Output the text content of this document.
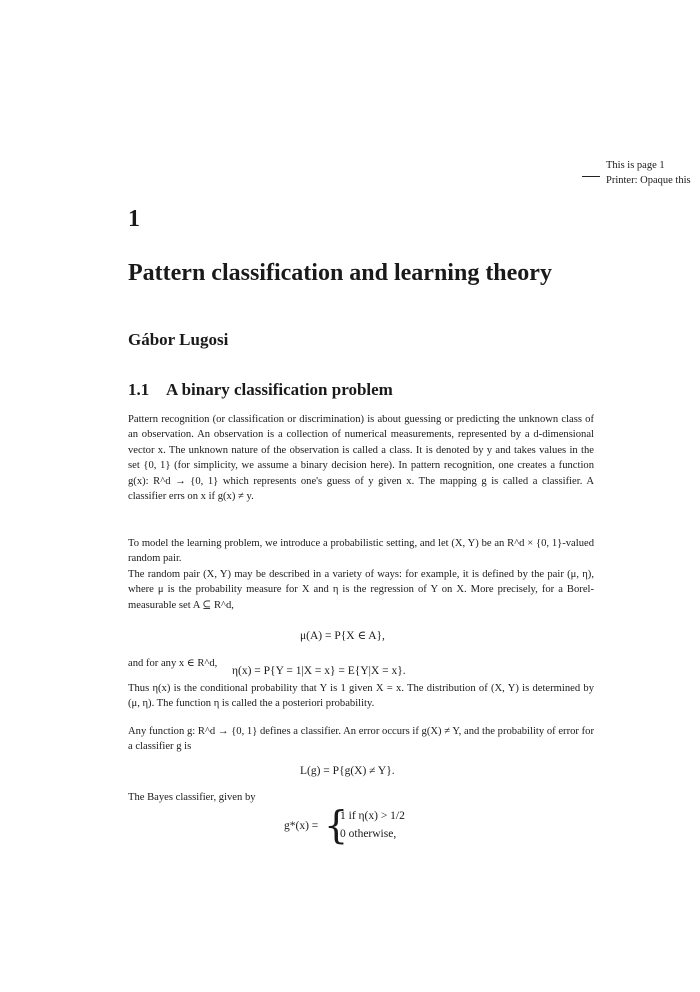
This is page 1
Printer: Opaque this
1
Pattern classification and learning theory
Gábor Lugosi
1.1 A binary classification problem
Pattern recognition (or classification or discrimination) is about guessing or predicting the unknown class of an observation. An observation is a collection of numerical measurements, represented by a d-dimensional vector x. The unknown nature of the observation is called a class. It is denoted by y and takes values in the set {0, 1} (for simplicity, we assume a binary decision here). In pattern recognition, one creates a function g(x): R^d → {0, 1} which represents one's guess of y given x. The mapping g is called a classifier. A classifier errs on x if g(x) ≠ y.
To model the learning problem, we introduce a probabilistic setting, and let (X, Y) be an R^d × {0, 1}-valued random pair.
The random pair (X, Y) may be described in a variety of ways: for example, it is defined by the pair (μ, η), where μ is the probability measure for X and η is the regression of Y on X. More precisely, for a Borel-measurable set A ⊆ R^d,
μ(A) = P{X ∈ A},
and for any x ∈ R^d,
η(x) = P{Y = 1|X = x} = E{Y|X = x}.
Thus η(x) is the conditional probability that Y is 1 given X = x. The distribution of (X, Y) is determined by (μ, η). The function η is called the a posteriori probability.
Any function g: R^d → {0, 1} defines a classifier. An error occurs if g(X) ≠ Y, and the probability of error for a classifier g is
L(g) = P{g(X) ≠ Y}.
The Bayes classifier, given by
g*(x) = {
1 if η(x) > 1/2
0 otherwise,
